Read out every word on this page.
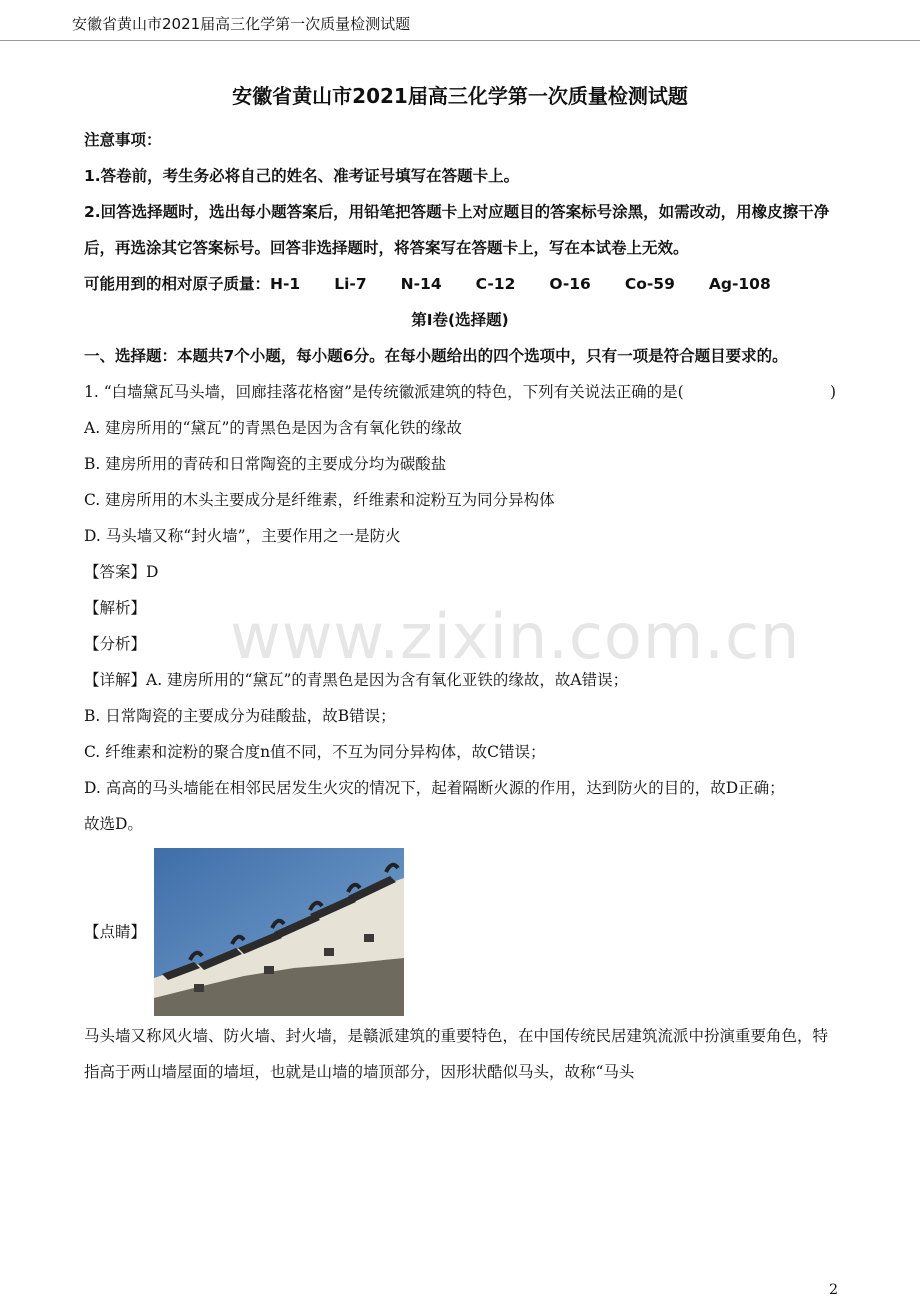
安徽省黄山市2021届高三化学第一次质量检测试题
安徽省黄山市2021届高三化学第一次质量检测试题
注意事项：
1.答卷前，考生务必将自己的姓名、准考证号填写在答题卡上。
2.回答选择题时，选出每小题答案后，用铅笔把答题卡上对应题目的答案标号涂黑，如需改动，用橡皮擦干净后，再选涂其它答案标号。回答非选择题时，将答案写在答题卡上，写在本试卷上无效。
可能用到的相对原子质量： H-1 Li-7 N-14 C-12 O-16 Co-59 Ag-108
第Ⅰ卷(选择题)
一、选择题：本题共7个小题，每小题6分。在每小题给出的四个选项中，只有一项是符合题目要求的。
1. “白墙黛瓦马头墙，回廊挂落花格窗”是传统徽派建筑的特色，下列有关说法正确的是(	)
A. 建房所用的“黛瓦”的青黑色是因为含有氧化铁的缘故
B. 建房所用的青砖和日常陶瓷的主要成分均为碳酸盐
C. 建房所用的木头主要成分是纤维素，纤维素和淀粉互为同分异构体
D. 马头墙又称“封火墙”，主要作用之一是防火
【答案】D
【解析】
【分析】
【详解】A. 建房所用的“黛瓦”的青黑色是因为含有氧化亚铁的缘故，故A错误；
B. 日常陶瓷的主要成分为硅酸盐，故B错误；
C. 纤维素和淀粉的聚合度n值不同，不互为同分异构体，故C错误；
D. 高高的马头墙能在相邻民居发生火灾的情况下，起着隔断火源的作用，达到防火的目的，故D正确；
故选D。
【点睛】
马头墙又称风火墙、防火墙、封火墙，是赣派建筑的重要特色，在中国传统民居建筑流派中扮演重要角色，特指高于两山墙屋面的墙垣，也就是山墙的墙顶部分，因形状酷似马头，故称“马头
www.zixin.com.cn
2
